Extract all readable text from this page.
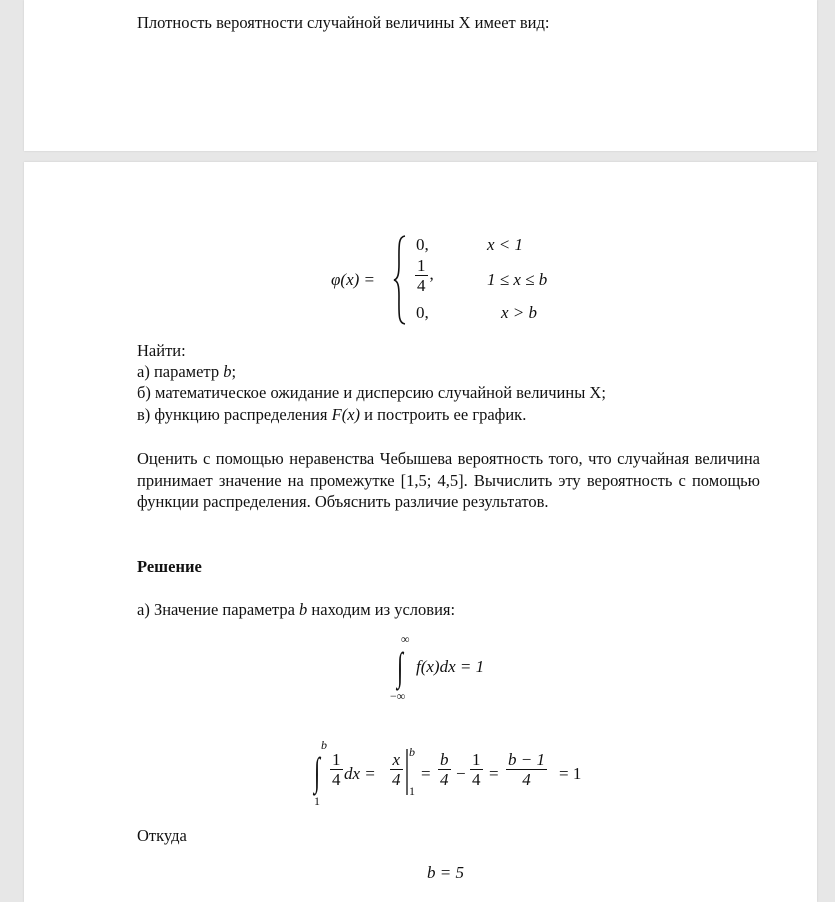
Плотность вероятности случайной величины X имеет вид:
φ(x) =
0,	x < 1
$\frac{1}{4}$ ,	1 ≤ x ≤ b
0,	x > b
Найти:
а) параметр b;
б) математическое ожидание и дисперсию случайной величины X;
в) функцию распределения F(x) и построить ее график.
Оценить с помощью неравенства Чебышева вероятность того, что случайная величина принимает значение на промежутке [1,5; 4,5]. Вычислить эту вероятность с помощью функции распределения. Объяснить различие результатов.
Решение
а) Значение параметра b находим из условия:
∞
∫
−∞
f(x)dx = 1
b
∫
1
$\frac{1}{4}$ dx = $\frac{x}{4}$ b
1
= $\frac{b}{4} - \frac{1}{4} = \frac{b - 1}{4} = 1$
Откуда
b = 5
